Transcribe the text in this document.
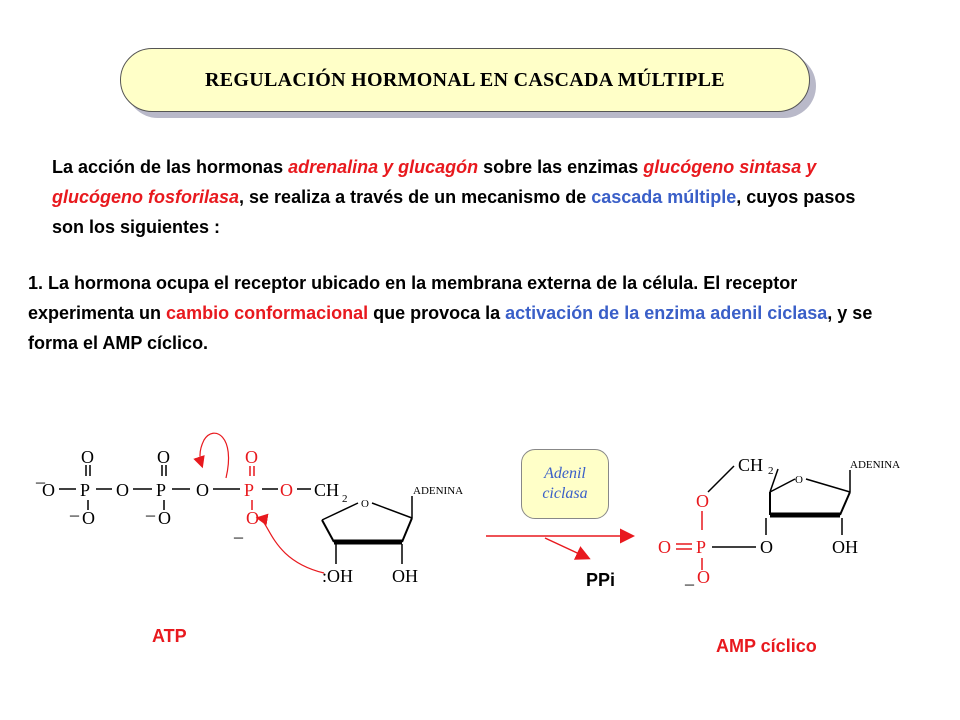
REGULACIÓN HORMONAL EN CASCADA MÚLTIPLE
La acción de las hormonas adrenalina y glucagón sobre las enzimas glucógeno sintasa y glucógeno fosforilasa, se realiza a través de un mecanismo de cascada múltiple, cuyos pasos son los siguientes :
1. La hormona ocupa el receptor ubicado en la membrana externa de la célula. El receptor experimenta un cambio conformacional que provoca la activación de la enzima adenil ciclasa, y se forma el AMP cíclico.
_
O P
O
O
_
O P
O
O
_
O P
O
O
_
O CH 2 O
ADENINA
:OH OH
CH 2
O
ADENINA
O	OH
O
P
O
O
_
Adenil
ciclasa
PPi
ATP	AMP cíclico
